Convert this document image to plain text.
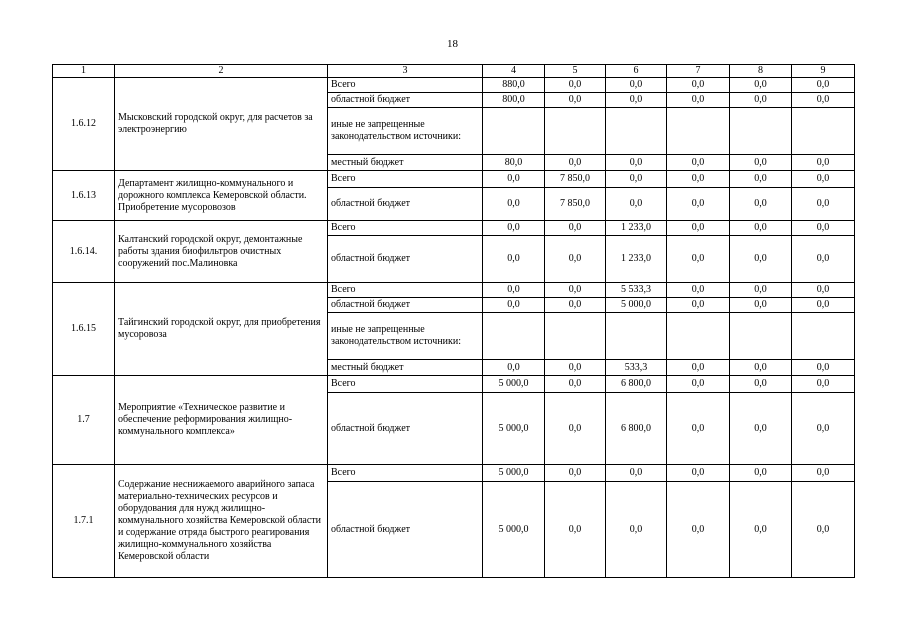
18
1	2	3	4	5	6	7	8	9
1.6.12	Мысковский городской округ, для расчетов за электроэнергию	Всего	880,0	0,0	0,0	0,0	0,0	0,0
		областной бюджет	800,0	0,0	0,0	0,0	0,0	0,0
		иные не запрещенные законодательством источники:						
		местный бюджет	80,0	0,0	0,0	0,0	0,0	0,0
1.6.13	Департамент жилищно-коммунального и дорожного комплекса Кемеровской области. Приобретение мусоровозов	Всего	0,0	7 850,0	0,0	0,0	0,0	0,0
		областной бюджет	0,0	7 850,0	0,0	0,0	0,0	0,0
1.6.14.	Калтанский городской округ, демонтажные работы здания биофильтров очистных сооружений пос.Малиновка	Всего	0,0	0,0	1 233,0	0,0	0,0	0,0
		областной бюджет	0,0	0,0	1 233,0	0,0	0,0	0,0
1.6.15	Тайгинский городской округ, для приобретения мусоровоза	Всего	0,0	0,0	5 533,3	0,0	0,0	0,0
		областной бюджет	0,0	0,0	5 000,0	0,0	0,0	0,0
		иные не запрещенные законодательством источники:						
		местный бюджет	0,0	0,0	533,3	0,0	0,0	0,0
1.7	Мероприятие «Техническое развитие и обеспечение реформирования жилищно-коммунального комплекса»	Всего	5 000,0	0,0	6 800,0	0,0	0,0	0,0
		областной бюджет	5 000,0	0,0	6 800,0	0,0	0,0	0,0
1.7.1	Содержание неснижаемого аварийного запаса материально-технических ресурсов и оборудования для нужд жилищно-коммунального хозяйства Кемеровской области и содержание отряда быстрого реагирования жилищно-коммунального хозяйства Кемеровской области	Всего	5 000,0	0,0	0,0	0,0	0,0	0,0
		областной бюджет	5 000,0	0,0	0,0	0,0	0,0	0,0
